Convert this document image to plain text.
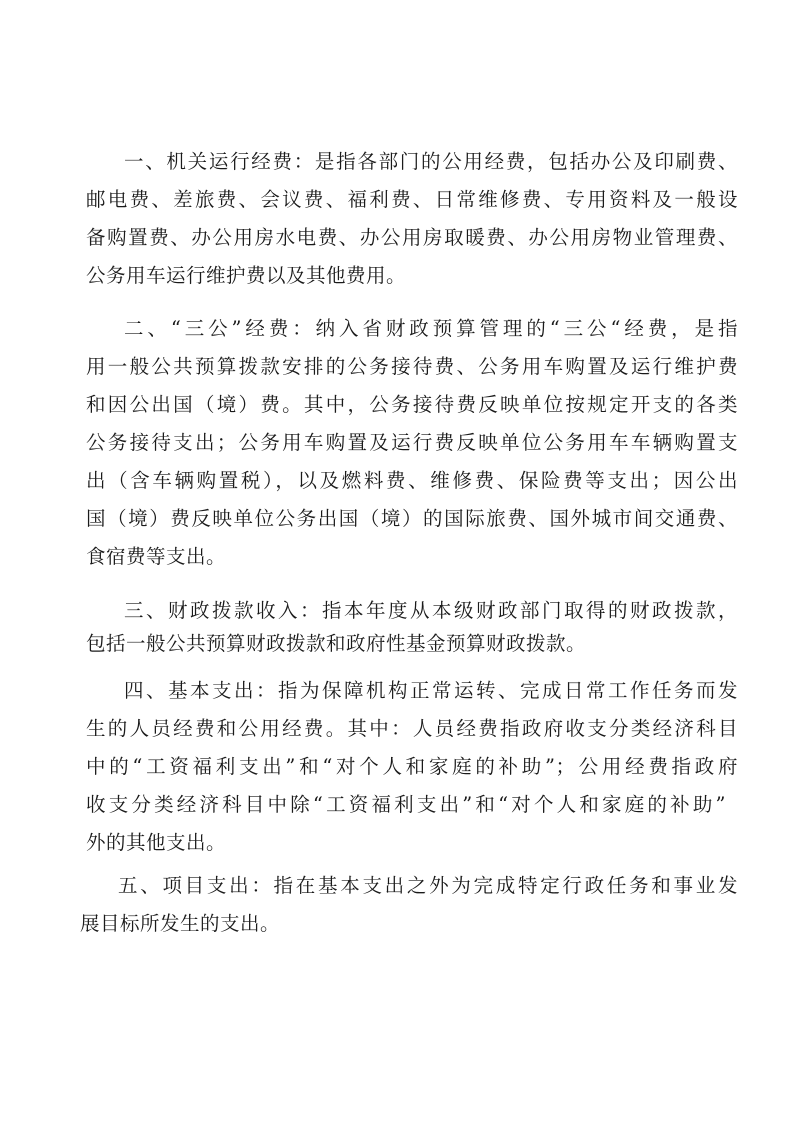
一、机关运行经费：是指各部门的公用经费，包括办公及印刷费、
邮电费、差旅费、会议费、福利费、日常维修费、专用资料及一般设
备购置费、办公用房水电费、办公用房取暖费、办公用房物业管理费、
公务用车运行维护费以及其他费用。
二、“三公”经费：纳入省财政预算管理的“三公“经费，是指
用一般公共预算拨款安排的公务接待费、公务用车购置及运行维护费
和因公出国（境）费。其中，公务接待费反映单位按规定开支的各类
公务接待支出；公务用车购置及运行费反映单位公务用车车辆购置支
出（含车辆购置税），以及燃料费、维修费、保险费等支出；因公出
国（境）费反映单位公务出国（境）的国际旅费、国外城市间交通费、
食宿费等支出。
三、财政拨款收入：指本年度从本级财政部门取得的财政拨款，
包括一般公共预算财政拨款和政府性基金预算财政拨款。
四、基本支出：指为保障机构正常运转、完成日常工作任务而发
生的人员经费和公用经费。其中：人员经费指政府收支分类经济科目
中的“工资福利支出”和“对个人和家庭的补助”；公用经费指政府
收支分类经济科目中除“工资福利支出”和“对个人和家庭的补助”
外的其他支出。
五、项目支出：指在基本支出之外为完成特定行政任务和事业发
展目标所发生的支出。
